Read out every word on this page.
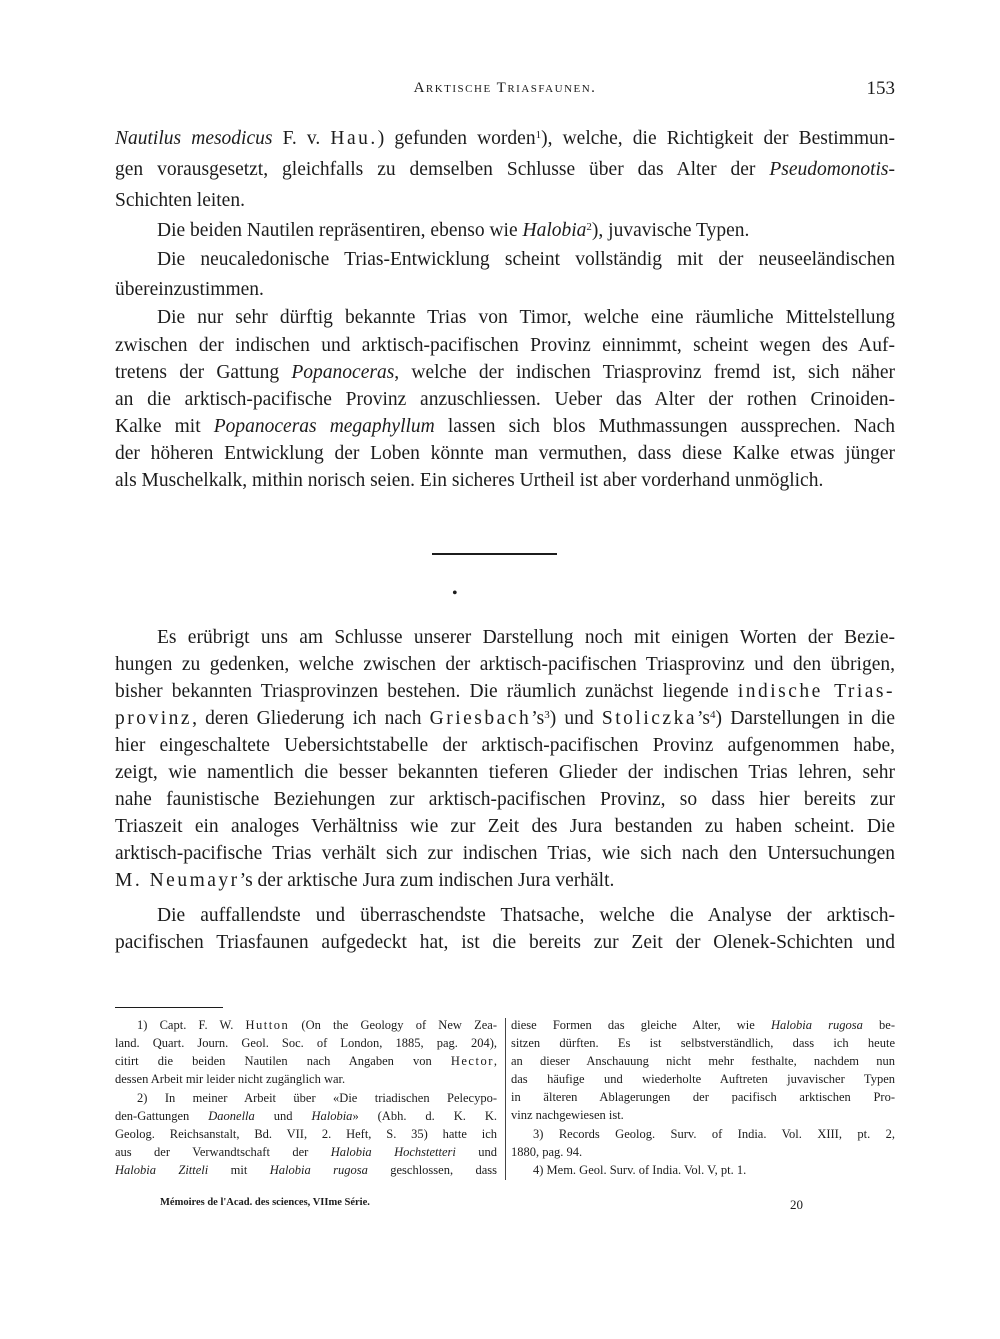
Arktische Triasfaunen.	153
Nautilus mesodicus F. v. Hau.) gefunden worden$^1$), welche, die Richtigkeit der Bestimmun-
gen vorausgesetzt, gleichfalls zu demselben Schlusse über das Alter der Pseudomonotis-
Schichten leiten.
Die beiden Nautilen repräsentiren, ebenso wie Halobia$^2$), juvavische Typen.
Die neucaledonische Trias-Entwicklung scheint vollständig mit der neuseeländischen
übereinzustimmen.
Die nur sehr dürftig bekannte Trias von Timor, welche eine räumliche Mittelstellung
zwischen der indischen und arktisch-pacifischen Provinz einnimmt, scheint wegen des Auf-
tretens der Gattung Popanoceras, welche der indischen Triasprovinz fremd ist, sich näher
an die arktisch-pacifische Provinz anzuschliessen. Ueber das Alter der rothen Crinoiden-
Kalke mit Popanoceras megaphyllum lassen sich blos Muthmassungen aussprechen. Nach
der höheren Entwicklung der Loben könnte man vermuthen, dass diese Kalke etwas jünger
als Muschelkalk, mithin norisch seien. Ein sicheres Urtheil ist aber vorderhand unmöglich.
•
Es erübrigt uns am Schlusse unserer Darstellung noch mit einigen Worten der Bezie-
hungen zu gedenken, welche zwischen der arktisch-pacifischen Triasprovinz und den übrigen,
bisher bekannten Triasprovinzen bestehen. Die räumlich zunächst liegende indische Trias-
provinz, deren Gliederung ich nach $Griesbach’s^3$) und $Stoliczka’s^4$) Darstellungen in die
hier eingeschaltete Uebersichtstabelle der arktisch-pacifischen Provinz aufgenommen habe,
zeigt, wie namentlich die besser bekannten tieferen Glieder der indischen Trias lehren, sehr
nahe faunistische Beziehungen zur arktisch-pacifischen Provinz, so dass hier bereits zur
Triaszeit ein analoges Verhältniss wie zur Zeit des Jura bestanden zu haben scheint. Die
arktisch-pacifische Trias verhält sich zur indischen Trias, wie sich nach den Untersuchungen
M. Neumayr’s der arktische Jura zum indischen Jura verhält.
Die auffallendste und überraschendste Thatsache, welche die Analyse der arktisch-
pacifischen Triasfaunen aufgedeckt hat, ist die bereits zur Zeit der Olenek-Schichten und
1) Capt. F. W. Hutton (On the Geology of New Zea-
land. Quart. Journ. Geol. Soc. of London, 1885, pag. 204),
citirt die beiden Nautilen nach Angaben von Hector,
dessen Arbeit mir leider nicht zugänglich war.
2) In meiner Arbeit über «Die triadischen Pelecypo-
den-Gattungen Daonella und Halobia» (Abh. d. K. K.
Geolog. Reichsanstalt, Bd. VII, 2. Heft, S. 35) hatte ich
aus der Verwandtschaft der Halobia Hochstetteri und
Halobia Zitteli mit Halobia rugosa geschlossen, dass
diese Formen das gleiche Alter, wie Halobia rugosa be-
sitzen dürften. Es ist selbstverständlich, dass ich heute
an dieser Anschauung nicht mehr festhalte, nachdem nun
das häufige und wiederholte Auftreten juvavischer Typen
in älteren Ablagerungen der pacifisch arktischen Pro-
vinz nachgewiesen ist.
3) Records Geolog. Surv. of India. Vol. XIII, pt. 2,
1880, pag. 94.
4) Mem. Geol. Surv. of India. Vol. V, pt. 1.
Mémoires de l'Acad. des sciences, VIIme Série.	20
